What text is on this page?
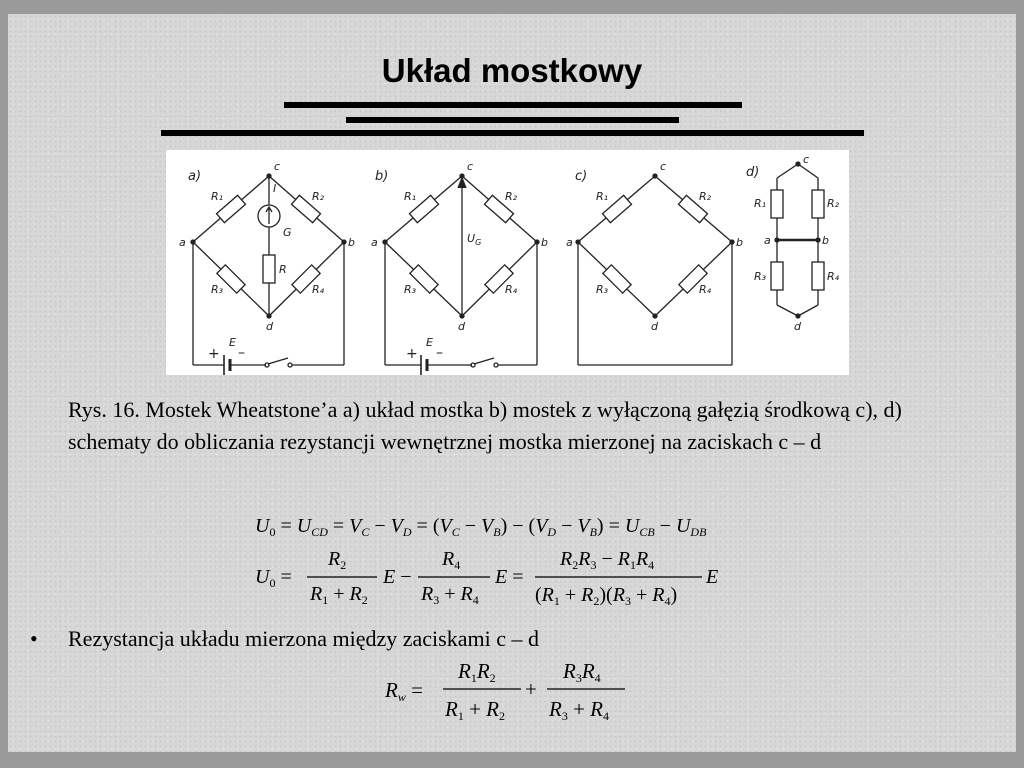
Układ mostkowy
a)
c
a	b
d
R₁	R₂
R₃	R₄
R
I
G
E
+ –
b)
c
a	b
d
R₁	R₂
R₃	R₄
$U_G$
E
+ –
c)
c
a	b
d
R₁	R₂
R₃	R₄
d)
c
a	b
d
R₁	R₂
R₃	R₄
Rys. 16. Mostek Wheatstone’a a) układ mostka b) mostek z wyłączoną gałęzią środkową c), d) schematy do obliczania rezystancji wewnętrznej mostka mierzonej na zaciskach c – d
$U_0 = U_{CD} = V_C - V_D = (V_C - V_B) - (V_D - V_B) = U_{CB} - U_{DB}$
$U_0$ =
$R_2$
$R_1 + R_2$
E −
$R_4$
$R_3 + R_4$
E =
$R_2R_3 - R_1R_4$
$(R_1 + R_2)(R_3 + R_4)$
E
• Rezystancja układu mierzona między zaciskami c – d
Rw =
R1R2
R1 + R2
+
R3R4
R3 + R4
